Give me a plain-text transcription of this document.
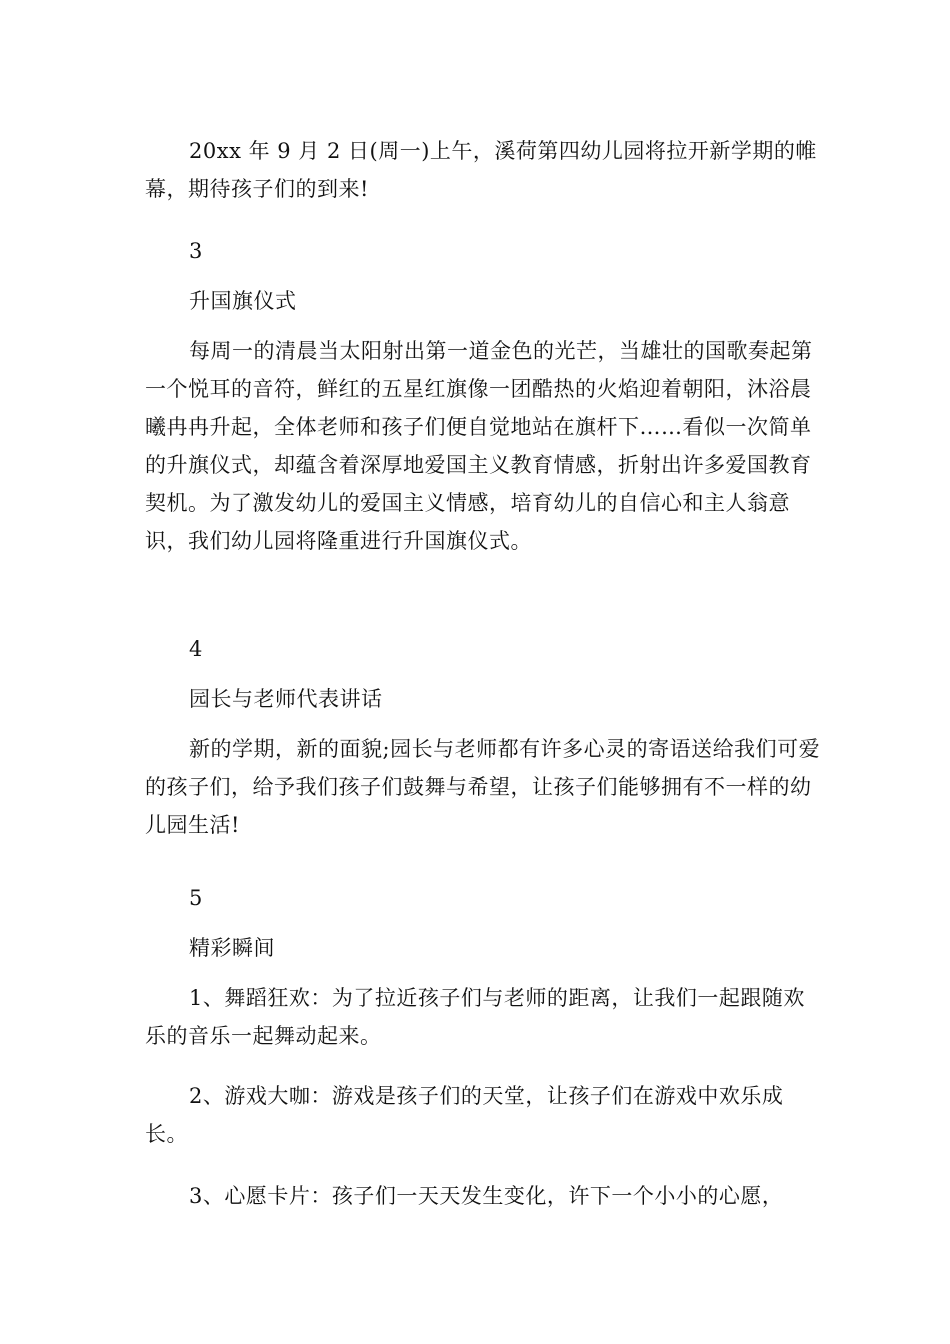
20xx 年 9 月 2 日(周一)上午，溪荷第四幼儿园将拉开新学期的帷幕，期待孩子们的到来!
3
升国旗仪式
每周一的清晨当太阳射出第一道金色的光芒，当雄壮的国歌奏起第一个悦耳的音符，鲜红的五星红旗像一团酷热的火焰迎着朝阳，沐浴晨曦冉冉升起，全体老师和孩子们便自觉地站在旗杆下……看似一次简单的升旗仪式，却蕴含着深厚地爱国主义教育情感，折射出许多爱国教育契机。为了激发幼儿的爱国主义情感，培育幼儿的自信心和主人翁意识，我们幼儿园将隆重进行升国旗仪式。
4
园长与老师代表讲话
新的学期，新的面貌;园长与老师都有许多心灵的寄语送给我们可爱的孩子们，给予我们孩子们鼓舞与希望，让孩子们能够拥有不一样的幼儿园生活!
5
精彩瞬间
1、舞蹈狂欢：为了拉近孩子们与老师的距离，让我们一起跟随欢乐的音乐一起舞动起来。
2、游戏大咖：游戏是孩子们的天堂，让孩子们在游戏中欢乐成长。
3、心愿卡片：孩子们一天天发生变化，许下一个小小的心愿，
